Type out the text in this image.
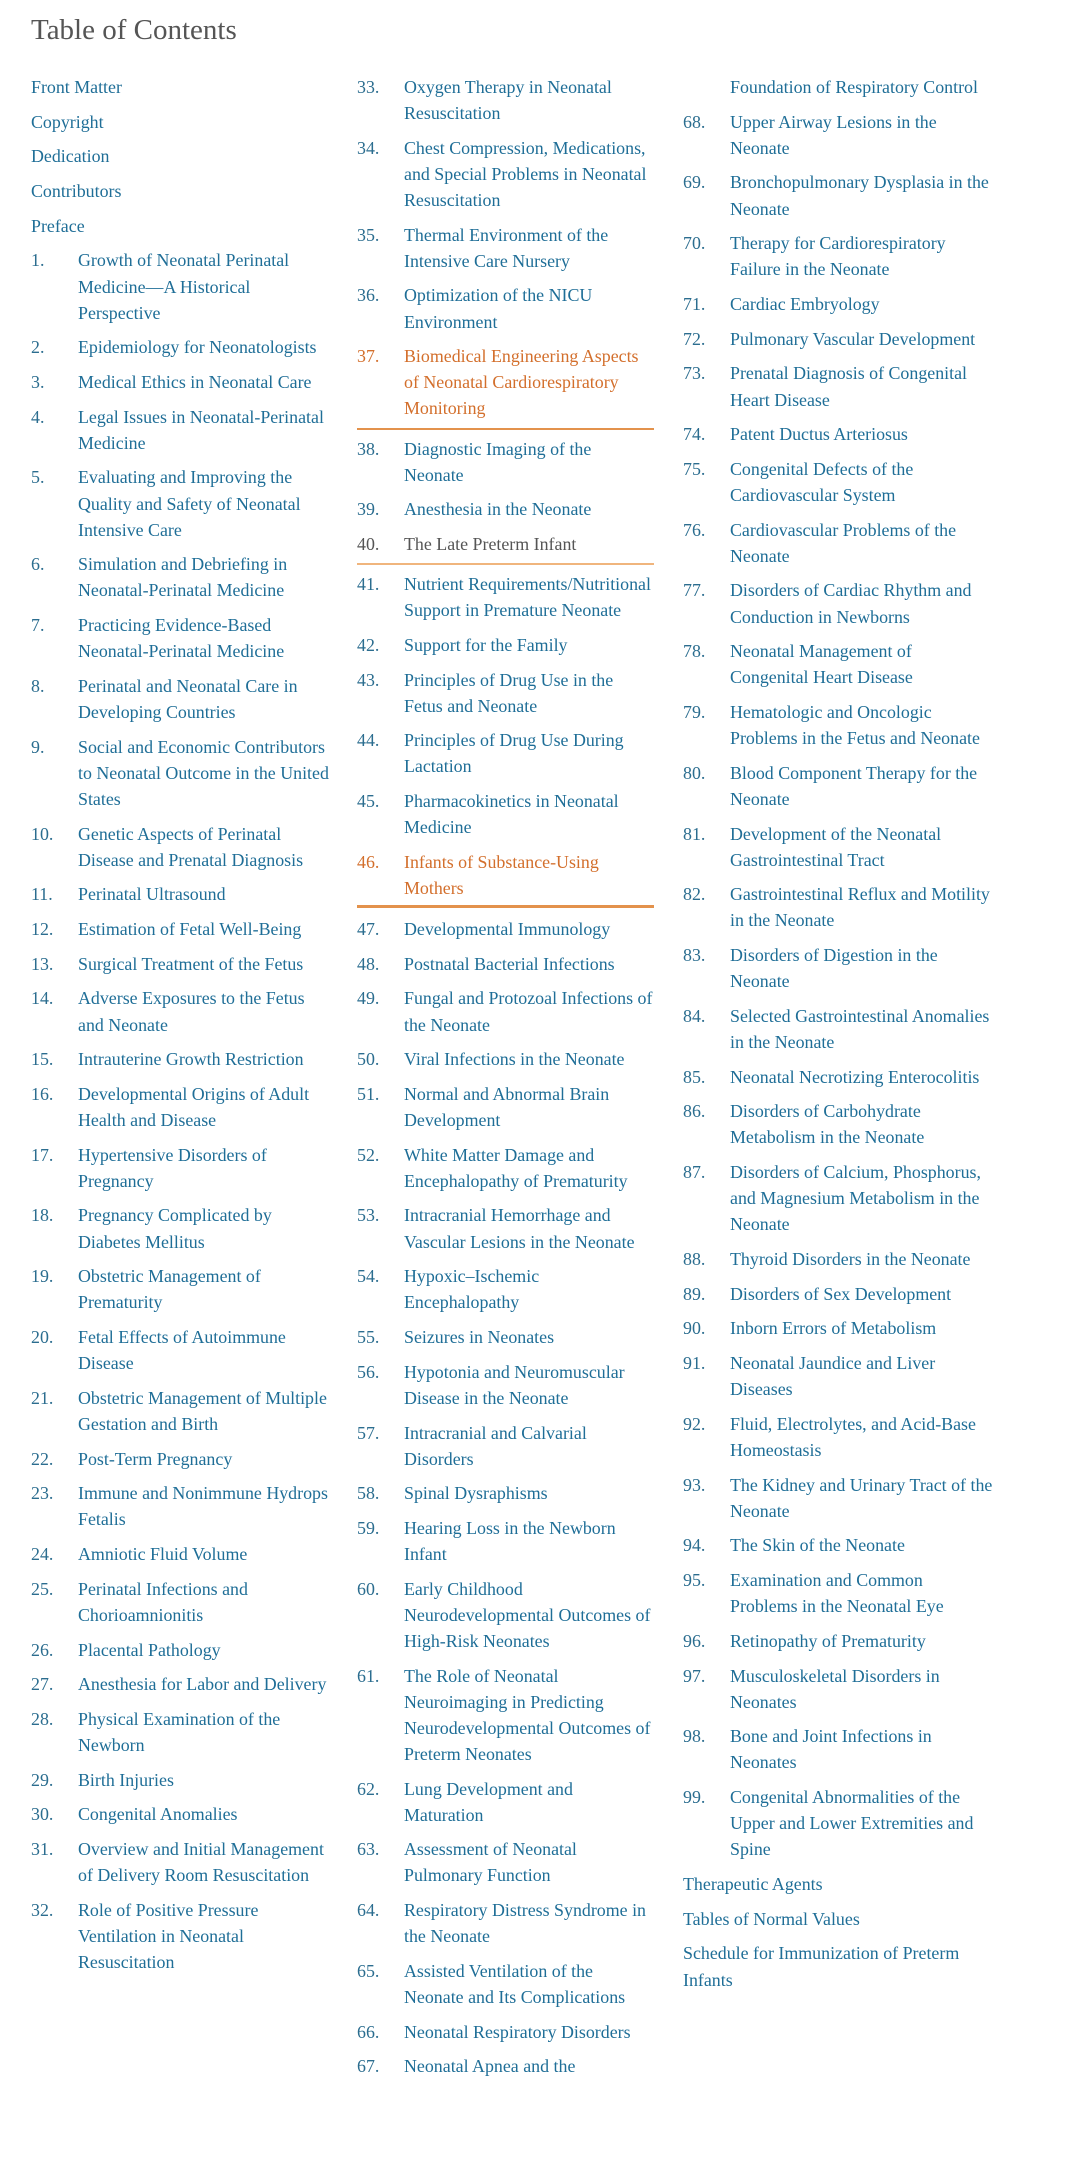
Table of Contents
Front Matter
Copyright
Dedication
Contributors
Preface
1.	Growth of Neonatal Perinatal Medicine—A Historical Perspective
2.	Epidemiology for Neonatologists
3.	Medical Ethics in Neonatal Care
4.	Legal Issues in Neonatal-Perinatal Medicine
5.	Evaluating and Improving the Quality and Safety of Neonatal Intensive Care
6.	Simulation and Debriefing in Neonatal-Perinatal Medicine
7.	Practicing Evidence-Based Neonatal-Perinatal Medicine
8.	Perinatal and Neonatal Care in Developing Countries
9.	Social and Economic Contributors to Neonatal Outcome in the United States
10.	Genetic Aspects of Perinatal Disease and Prenatal Diagnosis
11.	Perinatal Ultrasound
12.	Estimation of Fetal Well-Being
13.	Surgical Treatment of the Fetus
14.	Adverse Exposures to the Fetus and Neonate
15.	Intrauterine Growth Restriction
16.	Developmental Origins of Adult Health and Disease
17.	Hypertensive Disorders of Pregnancy
18.	Pregnancy Complicated by Diabetes Mellitus
19.	Obstetric Management of Prematurity
20.	Fetal Effects of Autoimmune Disease
21.	Obstetric Management of Multiple Gestation and Birth
22.	Post-Term Pregnancy
23.	Immune and Nonimmune Hydrops Fetalis
24.	Amniotic Fluid Volume
25.	Perinatal Infections and Chorioamnionitis
26.	Placental Pathology
27.	Anesthesia for Labor and Delivery
28.	Physical Examination of the Newborn
29.	Birth Injuries
30.	Congenital Anomalies
31.	Overview and Initial Management of Delivery Room Resuscitation
32.	Role of Positive Pressure Ventilation in Neonatal Resuscitation
33.	Oxygen Therapy in Neonatal Resuscitation
34.	Chest Compression, Medications, and Special Problems in Neonatal Resuscitation
35.	Thermal Environment of the Intensive Care Nursery
36.	Optimization of the NICU Environment
37.	Biomedical Engineering Aspects of Neonatal Cardiorespiratory Monitoring
38.	Diagnostic Imaging of the Neonate
39.	Anesthesia in the Neonate
40.	The Late Preterm Infant
41.	Nutrient Requirements/Nutritional Support in Premature Neonate
42.	Support for the Family
43.	Principles of Drug Use in the Fetus and Neonate
44.	Principles of Drug Use During Lactation
45.	Pharmacokinetics in Neonatal Medicine
46.	Infants of Substance-Using Mothers
47.	Developmental Immunology
48.	Postnatal Bacterial Infections
49.	Fungal and Protozoal Infections of the Neonate
50.	Viral Infections in the Neonate
51.	Normal and Abnormal Brain Development
52.	White Matter Damage and Encephalopathy of Prematurity
53.	Intracranial Hemorrhage and Vascular Lesions in the Neonate
54.	Hypoxic–Ischemic Encephalopathy
55.	Seizures in Neonates
56.	Hypotonia and Neuromuscular Disease in the Neonate
57.	Intracranial and Calvarial Disorders
58.	Spinal Dysraphisms
59.	Hearing Loss in the Newborn Infant
60.	Early Childhood Neurodevelopmental Outcomes of High-Risk Neonates
61.	The Role of Neonatal Neuroimaging in Predicting Neurodevelopmental Outcomes of Preterm Neonates
62.	Lung Development and Maturation
63.	Assessment of Neonatal Pulmonary Function
64.	Respiratory Distress Syndrome in the Neonate
65.	Assisted Ventilation of the Neonate and Its Complications
66.	Neonatal Respiratory Disorders
67.	Neonatal Apnea and the
Foundation of Respiratory Control
68.	Upper Airway Lesions in the Neonate
69.	Bronchopulmonary Dysplasia in the Neonate
70.	Therapy for Cardiorespiratory Failure in the Neonate
71.	Cardiac Embryology
72.	Pulmonary Vascular Development
73.	Prenatal Diagnosis of Congenital Heart Disease
74.	Patent Ductus Arteriosus
75.	Congenital Defects of the Cardiovascular System
76.	Cardiovascular Problems of the Neonate
77.	Disorders of Cardiac Rhythm and Conduction in Newborns
78.	Neonatal Management of Congenital Heart Disease
79.	Hematologic and Oncologic Problems in the Fetus and Neonate
80.	Blood Component Therapy for the Neonate
81.	Development of the Neonatal Gastrointestinal Tract
82.	Gastrointestinal Reflux and Motility in the Neonate
83.	Disorders of Digestion in the Neonate
84.	Selected Gastrointestinal Anomalies in the Neonate
85.	Neonatal Necrotizing Enterocolitis
86.	Disorders of Carbohydrate Metabolism in the Neonate
87.	Disorders of Calcium, Phosphorus, and Magnesium Metabolism in the Neonate
88.	Thyroid Disorders in the Neonate
89.	Disorders of Sex Development
90.	Inborn Errors of Metabolism
91.	Neonatal Jaundice and Liver Diseases
92.	Fluid, Electrolytes, and Acid-Base Homeostasis
93.	The Kidney and Urinary Tract of the Neonate
94.	The Skin of the Neonate
95.	Examination and Common Problems in the Neonatal Eye
96.	Retinopathy of Prematurity
97.	Musculoskeletal Disorders in Neonates
98.	Bone and Joint Infections in Neonates
99.	Congenital Abnormalities of the Upper and Lower Extremities and Spine
Therapeutic Agents
Tables of Normal Values
Schedule for Immunization of Preterm Infants
